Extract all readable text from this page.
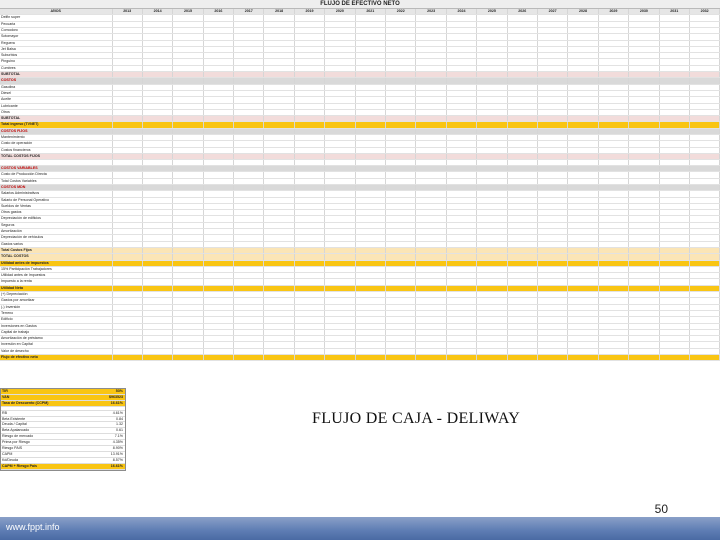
FLUJO DE EFECTIVO NETO
AÑOS	2013	2014	2015	2016	2017	2018	2019	2020	2021	2022	2023	2024	2025	2026	2027	2028	2029	2030	2031	2032
Delfin super																				
Pecuaria																				
Comodoro																				
Sotomayor																				
Reguera																				
Jet Balsa																				
Suburbios																				
Pinguino																				
Cumbres																				
SUBTOTAL																				
COSTOS																				
Gasolina																				
Diesel																				
Aceite																				
Lubricante																				
Otros																				
SUBTOTAL																				
Total ingreso (TVNET)																				
COSTOS FIJOS																				
Mantenimiento																				
Costo de operación																				
Costos financieros																				
TOTAL COSTOS FIJOS																				

COSTOS VARIABLES																				
Costo de Producción Directa																				
Total Costos Variables																				
COSTOS MDN																				
Salarios Administrativos																				
Salario de Personal Operativo																				
Sueldos de Ventas																				
Otros gastos																				
Depreciación de edificios																				
Seguros																				
Amortización																				
Depreciación de vehículos																				
Gastos varios																				
Total Costos Fijos																				
TOTAL COSTOS																				
Utilidad antes de impuestos																				
15% Participación Trabajadores																				
Utilidad antes de Impuestos																				
Impuesto a la renta																				
Utilidad Neta																				
(+) Depreciación																				
Gastos por amortizar																				
(-) Inversión																				
Terreno																				
Edificio																				
Inversiones en Gastos																				
Capital de trabajo																				
Amortización de préstamo																				
Inversión en Capital																				
Valor de desecho																				
Flujo de efectivo neto																				
TIR	53%
VAN	$963523
Tasa de Descuento (CCPM)	16.61%
RB	4.61%
Beta Existente	0.84
Deuda / Capital	1.32
Beta Apalancado	0.61
Riesgo de mercado	7.1%
Prima por Riesgo	4.35%
Riesgo PAIS	8.90%
CAPM	13.91%
Kd/Deuda	8.57%
CAPM + Riesgo País	16.61%
FLUJO DE CAJA - DELIWAY
50
www.fppt.info
